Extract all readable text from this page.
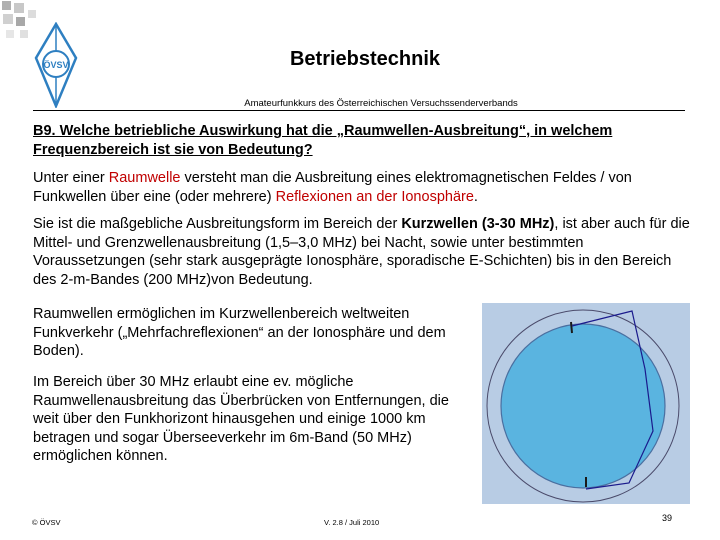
ÖVSV	Betriebstechnik
Amateurfunkkurs des Österreichischen Versuchssenderverbands
B9. Welche betriebliche Auswirkung hat die „Raumwellen-Ausbreitung“, in welchem Frequenzbereich ist sie von Bedeutung?
Unter einer Raumwelle versteht man die Ausbreitung eines elektromagnetischen Feldes / von Funkwellen über eine (oder mehrere) Reflexionen an der Ionosphäre.
Sie ist die maßgebliche Ausbreitungsform im Bereich der Kurzwellen (3-30 MHz), ist aber auch für die Mittel- und Grenzwellenausbreitung (1,5–3,0 MHz) bei Nacht, sowie unter bestimmten Voraussetzungen (sehr stark ausgeprägte Ionosphäre, sporadische E-Schichten) bis in den Bereich des 2-m-Bandes (200 MHz)von Bedeutung.
Raumwellen ermöglichen im Kurzwellenbereich weltweiten Funkverkehr („Mehrfachreflexionen“ an der Ionosphäre und dem Boden).
Im Bereich über 30 MHz erlaubt eine ev. mögliche Raumwellenausbreitung das Überbrücken von Entfernungen, die weit über den Funkhorizont hinausgehen und einige 1000 km betragen und sogar Überseeverkehr im 6m-Band (50 MHz) ermöglichen können.
© ÖVSV	V. 2.8 / Juli 2010	39
